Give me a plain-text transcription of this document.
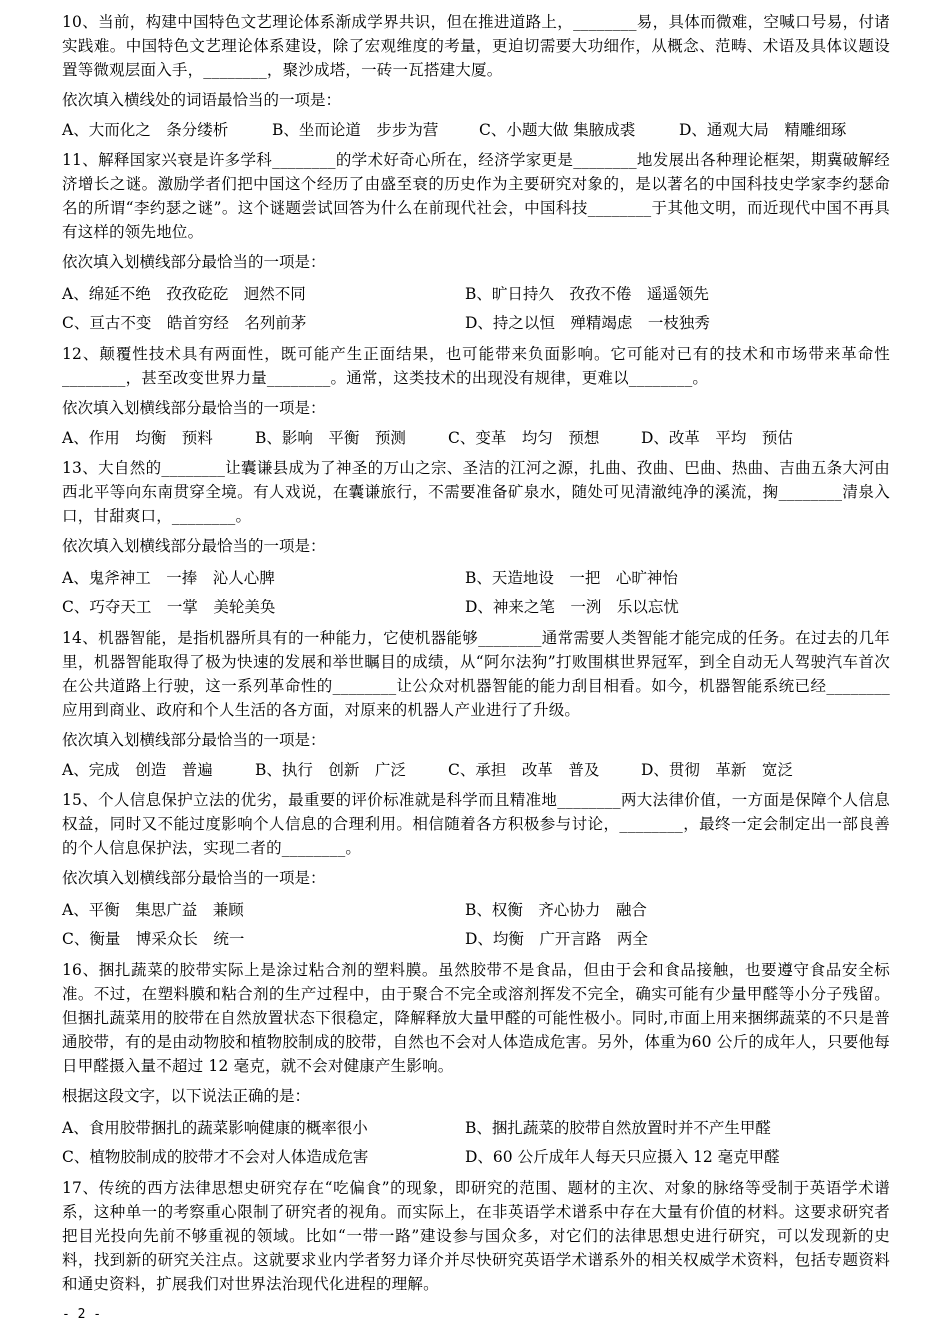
10、当前，构建中国特色文艺理论体系渐成学界共识，但在推进道路上，________易，具体而微难，空喊口号易，付诸实践难。中国特色文艺理论体系建设，除了宏观维度的考量，更迫切需要大功细作，从概念、范畴、术语及具体议题设置等微观层面入手，________，聚沙成塔，一砖一瓦搭建大厦。

依次填入横线处的词语最恰当的一项是：

A、大而化之　条分缕析	B、坐而论道　步步为营	C、小题大做 集腋成裘	D、通观大局　精雕细琢

11、解释国家兴衰是许多学科________的学术好奇心所在，经济学家更是________地发展出各种理论框架，期冀破解经济增长之谜。激励学者们把中国这个经历了由盛至衰的历史作为主要研究对象的，是以著名的中国科技史学家李约瑟命名的所谓“李约瑟之谜”。这个谜题尝试回答为什么在前现代社会，中国科技________于其他文明，而近现代中国不再具有这样的领先地位。

依次填入划横线部分最恰当的一项是：

A、绵延不绝　孜孜矻矻　迥然不同	B、旷日持久　孜孜不倦　遥遥领先
C、亘古不变　皓首穷经　名列前茅	D、持之以恒　殚精竭虑　一枝独秀

12、颠覆性技术具有两面性，既可能产生正面结果，也可能带来负面影响。它可能对已有的技术和市场带来革命性________，甚至改变世界力量________。通常，这类技术的出现没有规律，更难以________。

依次填入划横线部分最恰当的一项是：

A、作用　均衡　预料	B、影响　平衡　预测	C、变革　均匀　预想	D、改革　平均　预估

13、大自然的________让囊谦县成为了神圣的万山之宗、圣洁的江河之源，扎曲、孜曲、巴曲、热曲、吉曲五条大河由西北平等向东南贯穿全境。有人戏说，在囊谦旅行，不需要准备矿泉水，随处可见清澈纯净的溪流，掬________清泉入口，甘甜爽口，________。

依次填入划横线部分最恰当的一项是：

A、鬼斧神工　一捧　沁人心脾	B、天造地设　一把　心旷神怡
C、巧夺天工　一掌　美轮美奂	D、神来之笔　一洌　乐以忘忧

14、机器智能，是指机器所具有的一种能力，它使机器能够________通常需要人类智能才能完成的任务。在过去的几年里，机器智能取得了极为快速的发展和举世瞩目的成绩，从“阿尔法狗”打败围棋世界冠军，到全自动无人驾驶汽车首次在公共道路上行驶，这一系列革命性的________让公众对机器智能的能力刮目相看。如今，机器智能系统已经________应用到商业、政府和个人生活的各方面，对原来的机器人产业进行了升级。

依次填入划横线部分最恰当的一项是：

A、完成　创造　普遍	B、执行　创新　广泛	C、承担　改革　普及	D、贯彻　革新　宽泛

15、个人信息保护立法的优劣，最重要的评价标准就是科学而且精准地________两大法律价值，一方面是保障个人信息权益，同时又不能过度影响个人信息的合理利用。相信随着各方积极参与讨论，________，最终一定会制定出一部良善的个人信息保护法，实现二者的________。

依次填入划横线部分最恰当的一项是：

A、平衡　集思广益　兼顾	B、权衡　齐心协力　融合
C、衡量　博采众长　统一	D、均衡　广开言路　两全

16、捆扎蔬菜的胶带实际上是涂过粘合剂的塑料膜。虽然胶带不是食品，但由于会和食品接触，也要遵守食品安全标准。不过，在塑料膜和粘合剂的生产过程中，由于聚合不完全或溶剂挥发不完全，确实可能有少量甲醛等小分子残留。但捆扎蔬菜用的胶带在自然放置状态下很稳定，降解释放大量甲醛的可能性极小。同时,市面上用来捆绑蔬菜的不只是普通胶带，有的是由动物胶和植物胶制成的胶带，自然也不会对人体造成危害。另外，体重为60 公斤的成年人，只要他每日甲醛摄入量不超过 12 毫克，就不会对健康产生影响。

根据这段文字，以下说法正确的是：

A、食用胶带捆扎的蔬菜影响健康的概率很小	B、捆扎蔬菜的胶带自然放置时并不产生甲醛
C、植物胶制成的胶带才不会对人体造成危害	D、60 公斤成年人每天只应摄入 12 毫克甲醛

17、传统的西方法律思想史研究存在“吃偏食”的现象，即研究的范围、题材的主次、对象的脉络等受制于英语学术谱系，这种单一的考察重心限制了研究者的视角。而实际上，在非英语学术谱系中存在大量有价值的材料。这要求研究者把目光投向先前不够重视的领域。比如“一带一路”建设参与国众多，对它们的法律思想史进行研究，可以发现新的史料，找到新的研究关注点。这就要求业内学者努力译介并尽快研究英语学术谱系外的相关权威学术资料，包括专题资料和通史资料，扩展我们对世界法治现代化进程的理解。

- 2 -
